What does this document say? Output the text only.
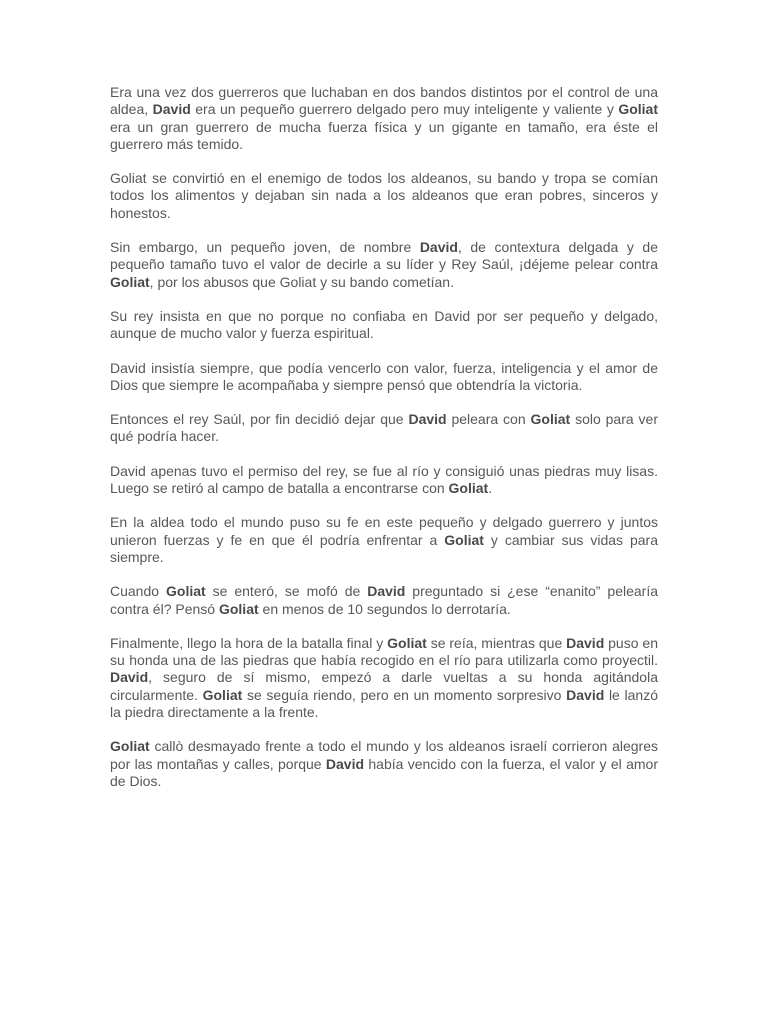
Era una vez dos guerreros que luchaban en dos bandos distintos por el control de una aldea, David era un pequeño guerrero delgado pero muy inteligente y valiente y Goliat era un gran guerrero de mucha fuerza física y un gigante en tamaño, era éste el guerrero más temido.

Goliat se convirtió en el enemigo de todos los aldeanos, su bando y tropa se comían todos los alimentos y dejaban sin nada a los aldeanos que eran pobres, sinceros y honestos.

Sin embargo, un pequeño joven, de nombre David, de contextura delgada y de pequeño tamaño tuvo el valor de decirle a su líder y Rey Saúl, ¡déjeme pelear contra Goliat, por los abusos que Goliat y su bando cometían.

Su rey insista en que no porque no confiaba en David por ser pequeño y delgado, aunque de mucho valor y fuerza espiritual.

David insistía siempre, que podía vencerlo con valor, fuerza, inteligencia y el amor de Dios que siempre le acompañaba y siempre pensó que obtendría la victoria.

Entonces el rey Saúl, por fin decidió dejar que David peleara con Goliat solo para ver qué podría hacer.

David apenas tuvo el permiso del rey, se fue al río y consiguió unas piedras muy lisas. Luego se retiró al campo de batalla a encontrarse con Goliat.

En la aldea todo el mundo puso su fe en este pequeño y delgado guerrero y juntos unieron fuerzas y fe en que él podría enfrentar a Goliat y cambiar sus vidas para siempre.

Cuando Goliat se enteró, se mofó de David preguntado si ¿ese “enanito” pelearía contra él? Pensó Goliat en menos de 10 segundos lo derrotaría.

Finalmente, llego la hora de la batalla final y Goliat se reía, mientras que David puso en su honda una de las piedras que había recogido en el río para utilizarla como proyectil. David, seguro de sí mismo, empezó a darle vueltas a su honda agitándola circularmente. Goliat se seguía riendo, pero en un momento sorpresivo David le lanzó la piedra directamente a la frente.

Goliat callò desmayado frente a todo el mundo y los aldeanos israelí corrieron alegres por las montañas y calles, porque David había vencido con la fuerza, el valor y el amor de Dios.
